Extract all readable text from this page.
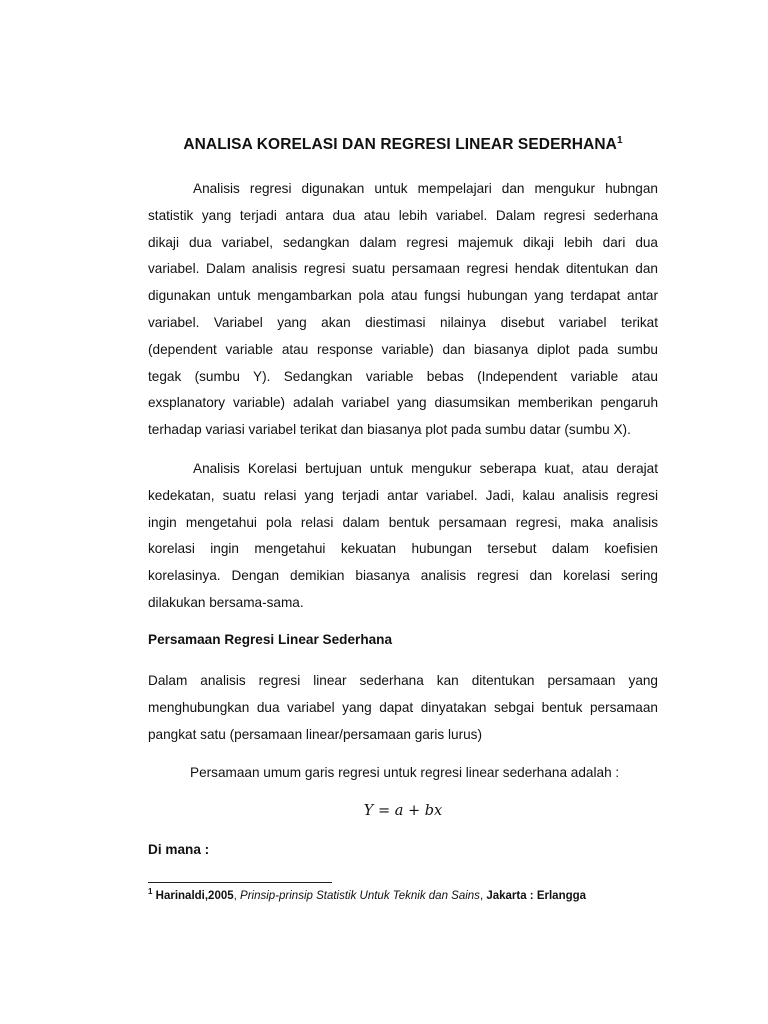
ANALISA KORELASI DAN REGRESI LINEAR SEDERHANA$^1$
Analisis regresi digunakan untuk mempelajari dan mengukur hubngan
statistik yang terjadi antara dua atau lebih variabel. Dalam regresi sederhana
dikaji dua variabel, sedangkan dalam regresi majemuk dikaji lebih dari dua
variabel. Dalam analisis regresi suatu persamaan regresi hendak ditentukan dan
digunakan untuk mengambarkan pola atau fungsi hubungan yang terdapat antar
variabel. Variabel yang akan diestimasi nilainya disebut variabel terikat
(dependent variable atau response variable) dan biasanya diplot pada sumbu
tegak (sumbu Y). Sedangkan variable bebas (Independent variable atau
exsplanatory variable) adalah variabel yang diasumsikan memberikan pengaruh
terhadap variasi variabel terikat dan biasanya plot pada sumbu datar (sumbu X).
Analisis Korelasi bertujuan untuk mengukur seberapa kuat, atau derajat
kedekatan, suatu relasi yang terjadi antar variabel. Jadi, kalau analisis regresi
ingin mengetahui pola relasi dalam bentuk persamaan regresi, maka analisis
korelasi ingin mengetahui kekuatan hubungan tersebut dalam koefisien
korelasinya. Dengan demikian biasanya analisis regresi dan korelasi sering
dilakukan bersama-sama.
Persamaan Regresi Linear Sederhana
Dalam analisis regresi linear sederhana kan ditentukan persamaan yang
menghubungkan dua variabel yang dapat dinyatakan sebgai bentuk persamaan
pangkat satu (persamaan linear/persamaan garis lurus)
Persamaan umum garis regresi untuk regresi linear sederhana adalah :
Y = a + bx
Di mana :
$^1$ Harinaldi,2005, Prinsip-prinsip Statistik Untuk Teknik dan Sains, Jakarta : Erlangga
